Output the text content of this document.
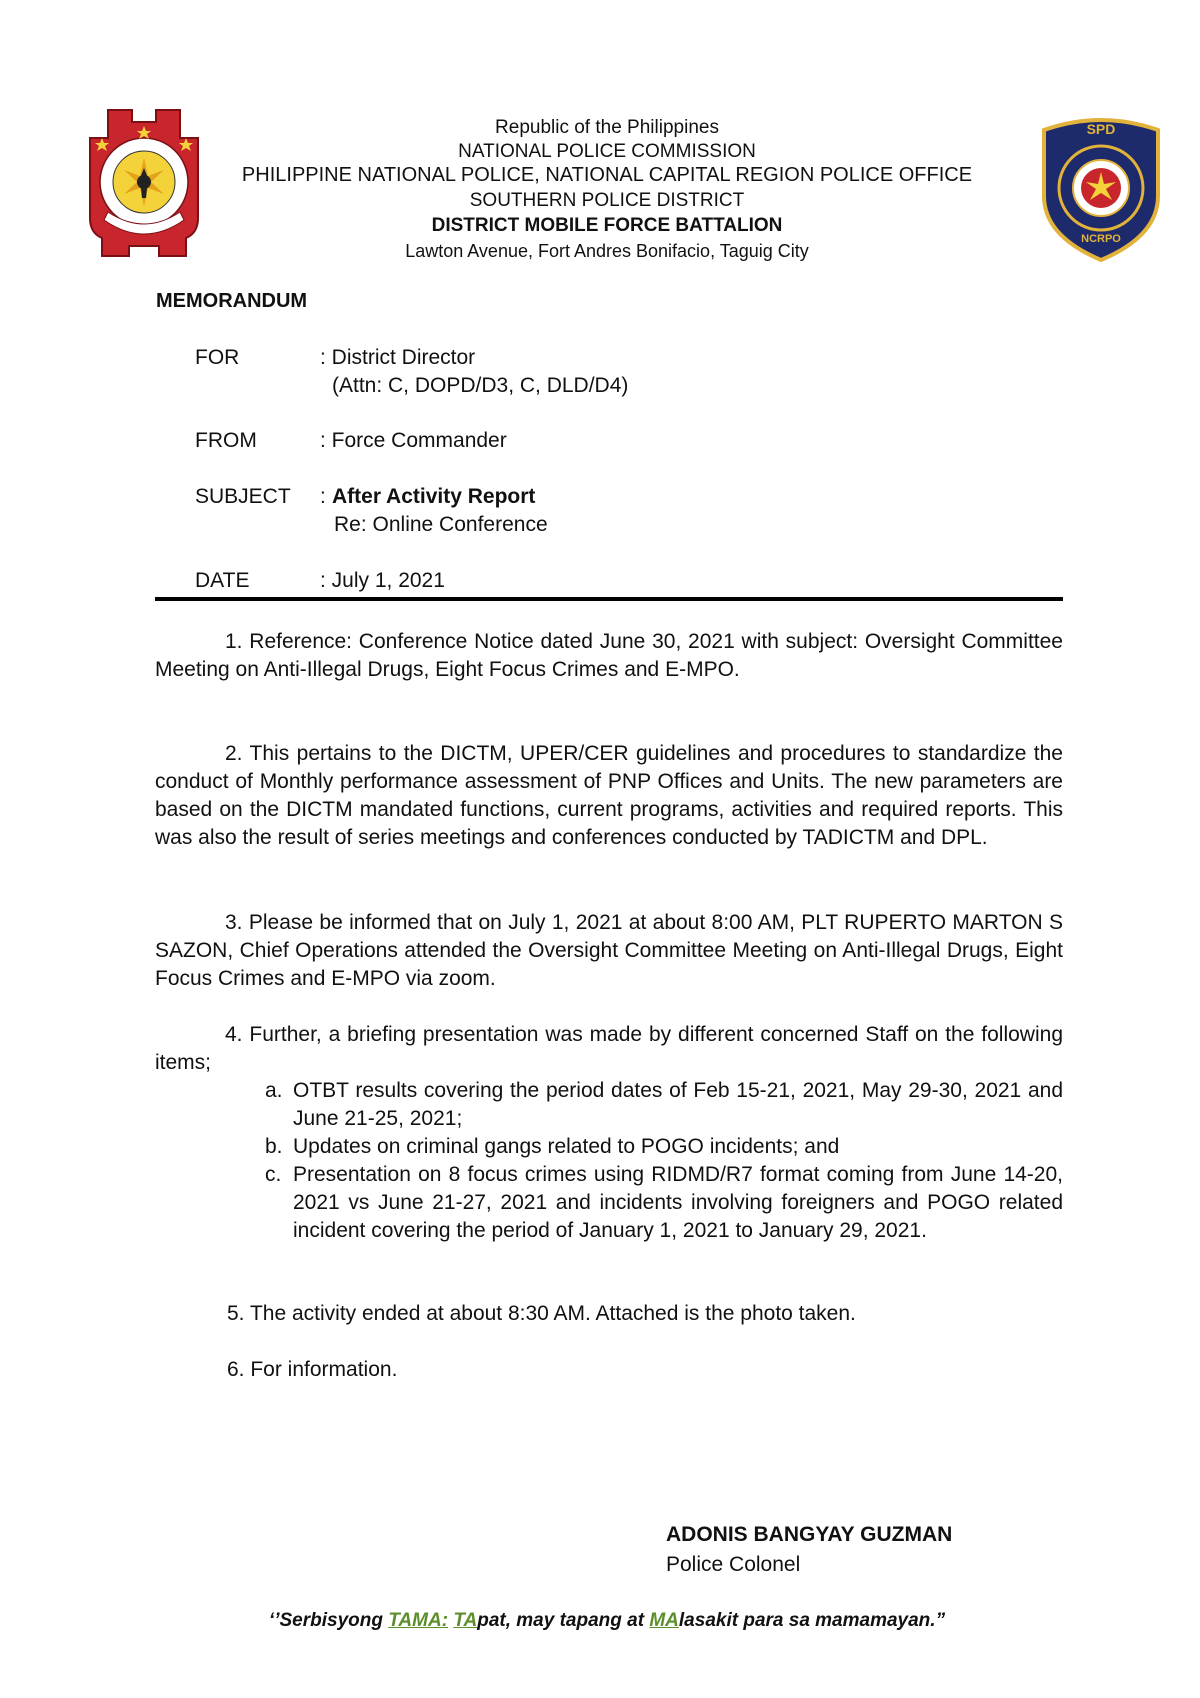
SPD
NCRPO
Republic of the Philippines
NATIONAL POLICE COMMISSION
PHILIPPINE NATIONAL POLICE, NATIONAL CAPITAL REGION POLICE OFFICE
SOUTHERN POLICE DISTRICT
DISTRICT MOBILE FORCE BATTALION
Lawton Avenue, Fort Andres Bonifacio, Taguig City
MEMORANDUM
FOR	: District Director
(Attn: C, DOPD/D3, C, DLD/D4)
FROM	: Force Commander
SUBJECT : After Activity Report
Re: Online Conference
DATE	: July 1, 2021
1. Reference: Conference Notice dated June 30, 2021 with subject: Oversight Committee Meeting on Anti-Illegal Drugs, Eight Focus Crimes and E-MPO.
2. This pertains to the DICTM, UPER/CER guidelines and procedures to standardize the conduct of Monthly performance assessment of PNP Offices and Units. The new parameters are based on the DICTM mandated functions, current programs, activities and required reports. This was also the result of series meetings and conferences conducted by TADICTM and DPL.
3. Please be informed that on July 1, 2021 at about 8:00 AM, PLT RUPERTO MARTON S SAZON, Chief Operations attended the Oversight Committee Meeting on Anti-Illegal Drugs, Eight Focus Crimes and E-MPO via zoom.
4. Further, a briefing presentation was made by different concerned Staff on the following items;
a. OTBT results covering the period dates of Feb 15-21, 2021, May 29-30, 2021 and June 21-25, 2021;
b. Updates on criminal gangs related to POGO incidents; and
c. Presentation on 8 focus crimes using RIDMD/R7 format coming from June 14-20, 2021 vs June 21-27, 2021 and incidents involving foreigners and POGO related incident covering the period of January 1, 2021 to January 29, 2021.
5. The activity ended at about 8:30 AM. Attached is the photo taken.
6. For information.
ADONIS BANGYAY GUZMAN
Police Colonel
‘’Serbisyong TAMA: TApat, may tapang at MAlasakit para sa mamamayan.”
